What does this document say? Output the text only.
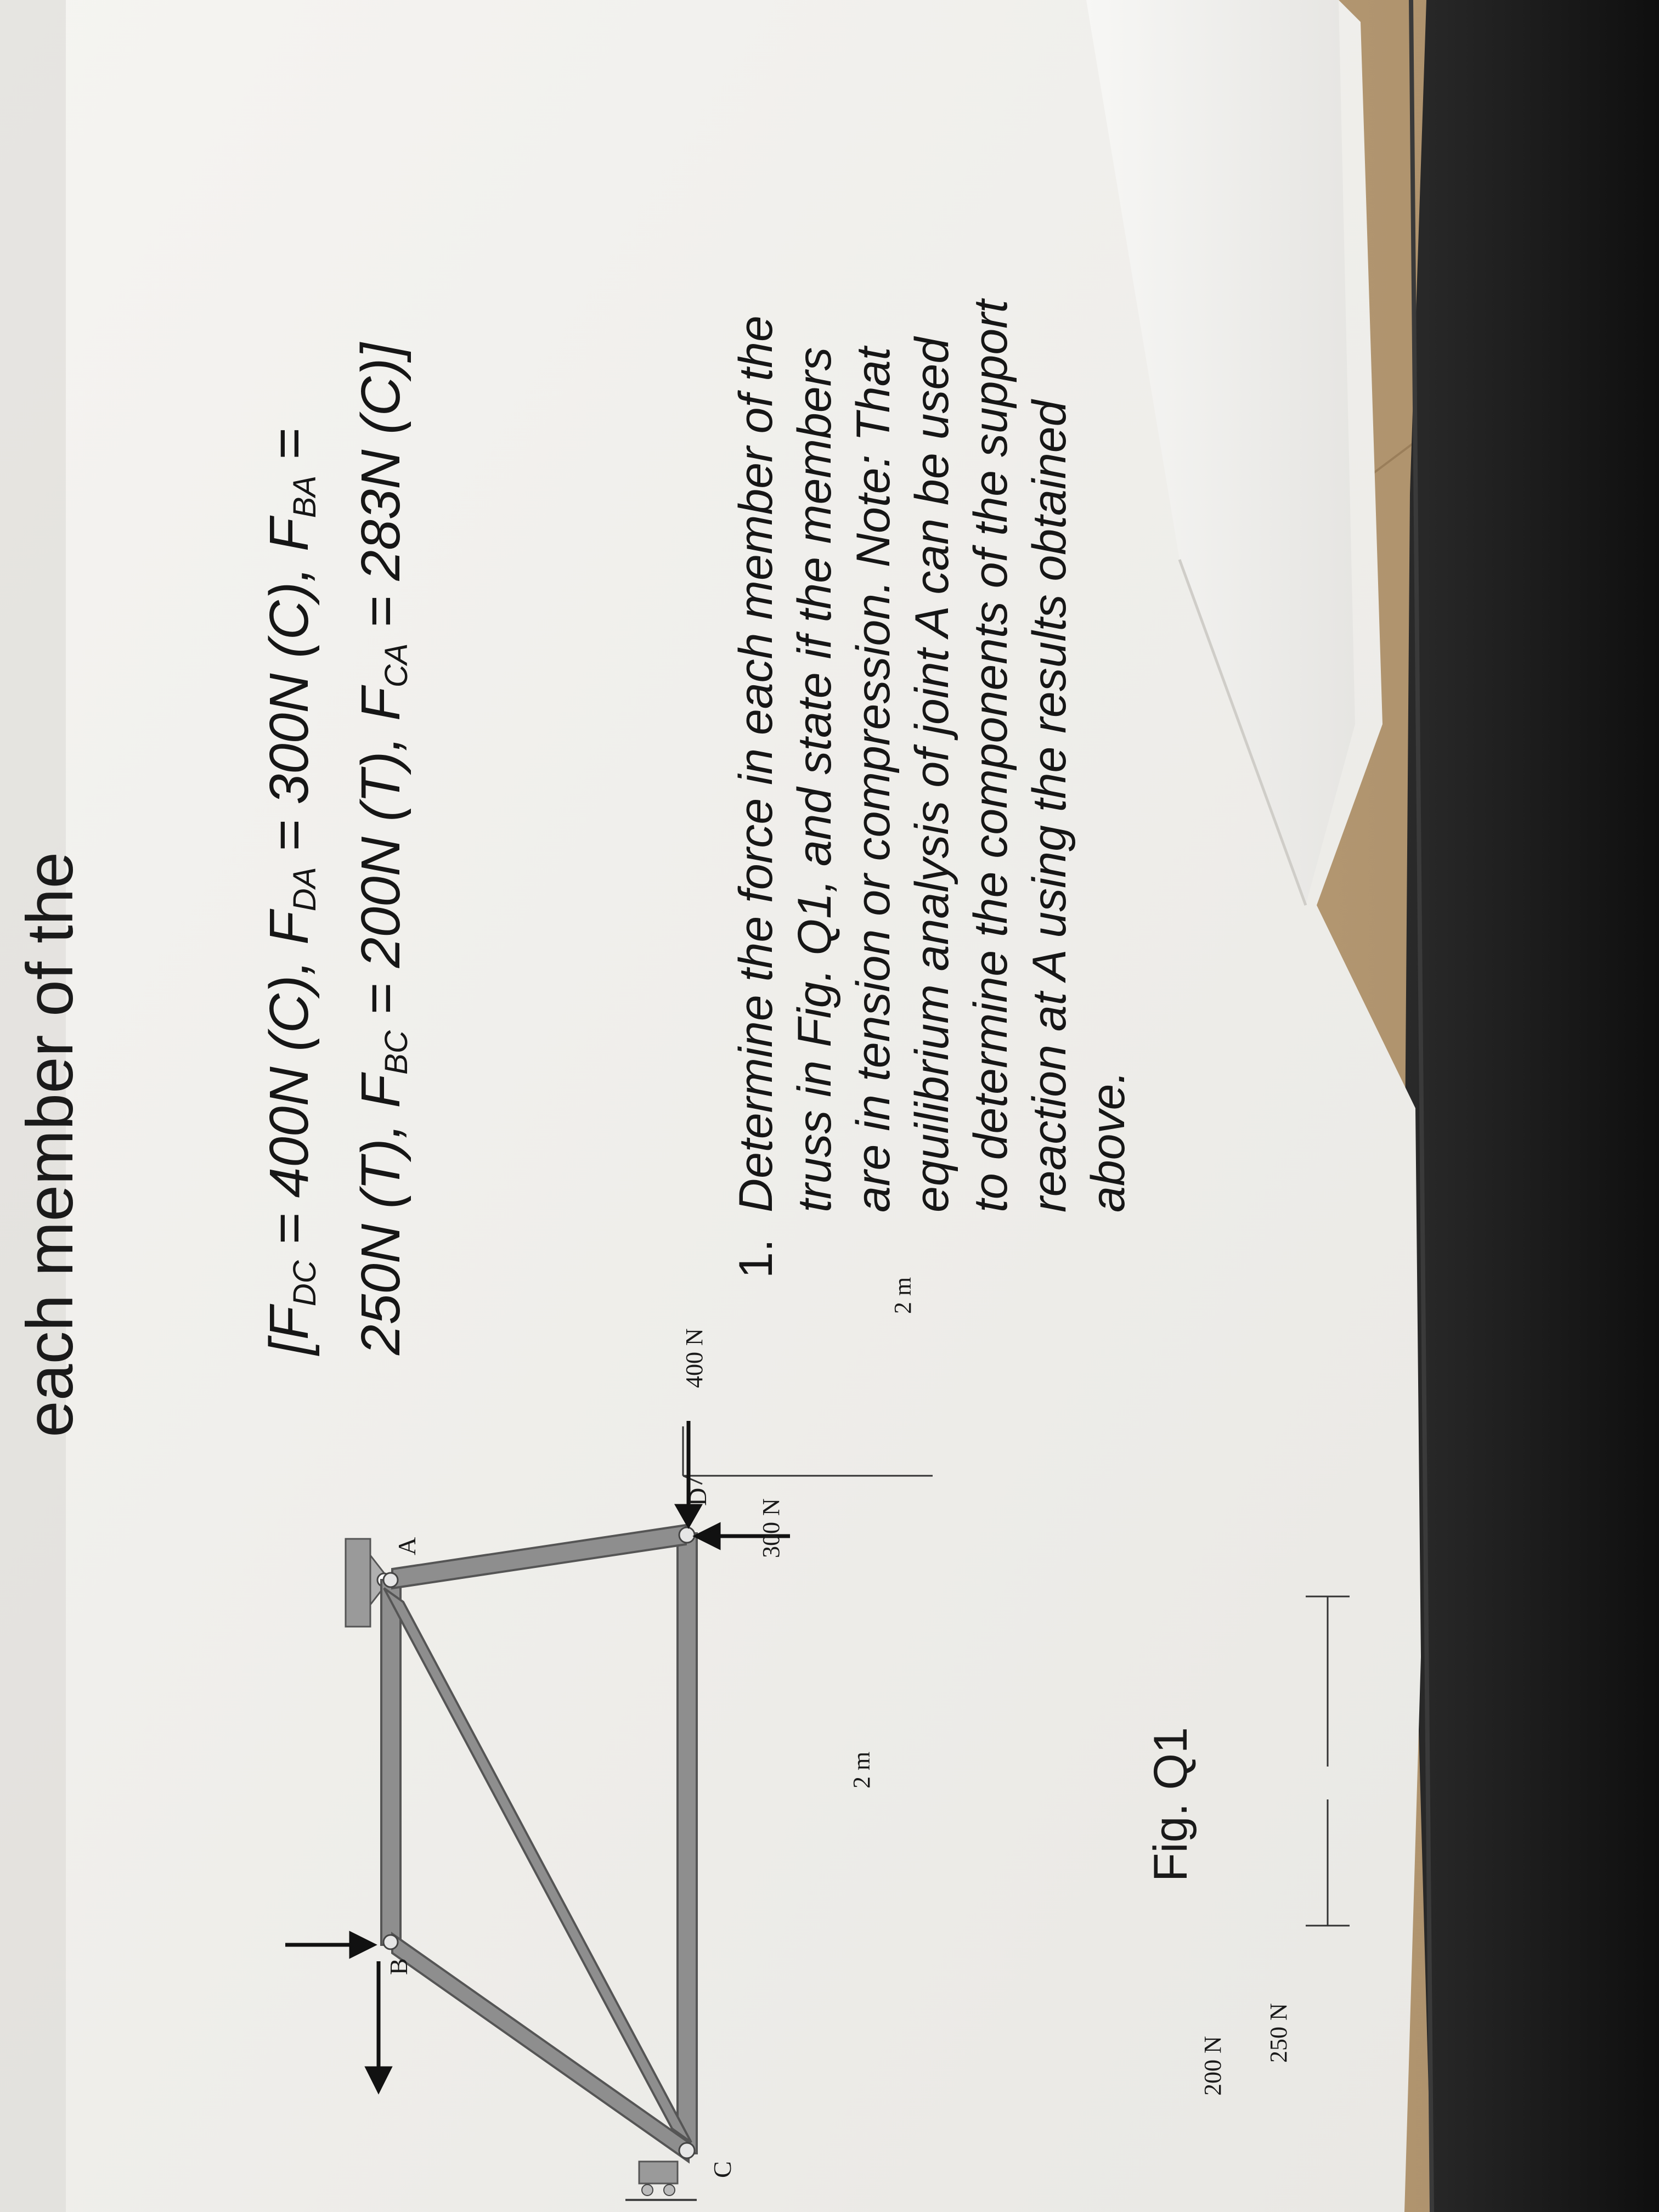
1.Determine the force in each member of the truss in Fig. Q1, and state if the members are in tension or compression. Note: That equilibrium analysis of joint A can be used to determine the components of the support reaction at A using the results obtained above.
[$F_{DC} = 400N$ (C), $F_{DA} = 300N$ (C), $F_{BA}$ =
250N (T), $F_{BC} = 200N$ (T), $F_{CA} = 283N$ (C)]
each member of the
Fig. Q1
300 N
400 N
250 N
200 N
D
A
C
B
2 m
2 m
